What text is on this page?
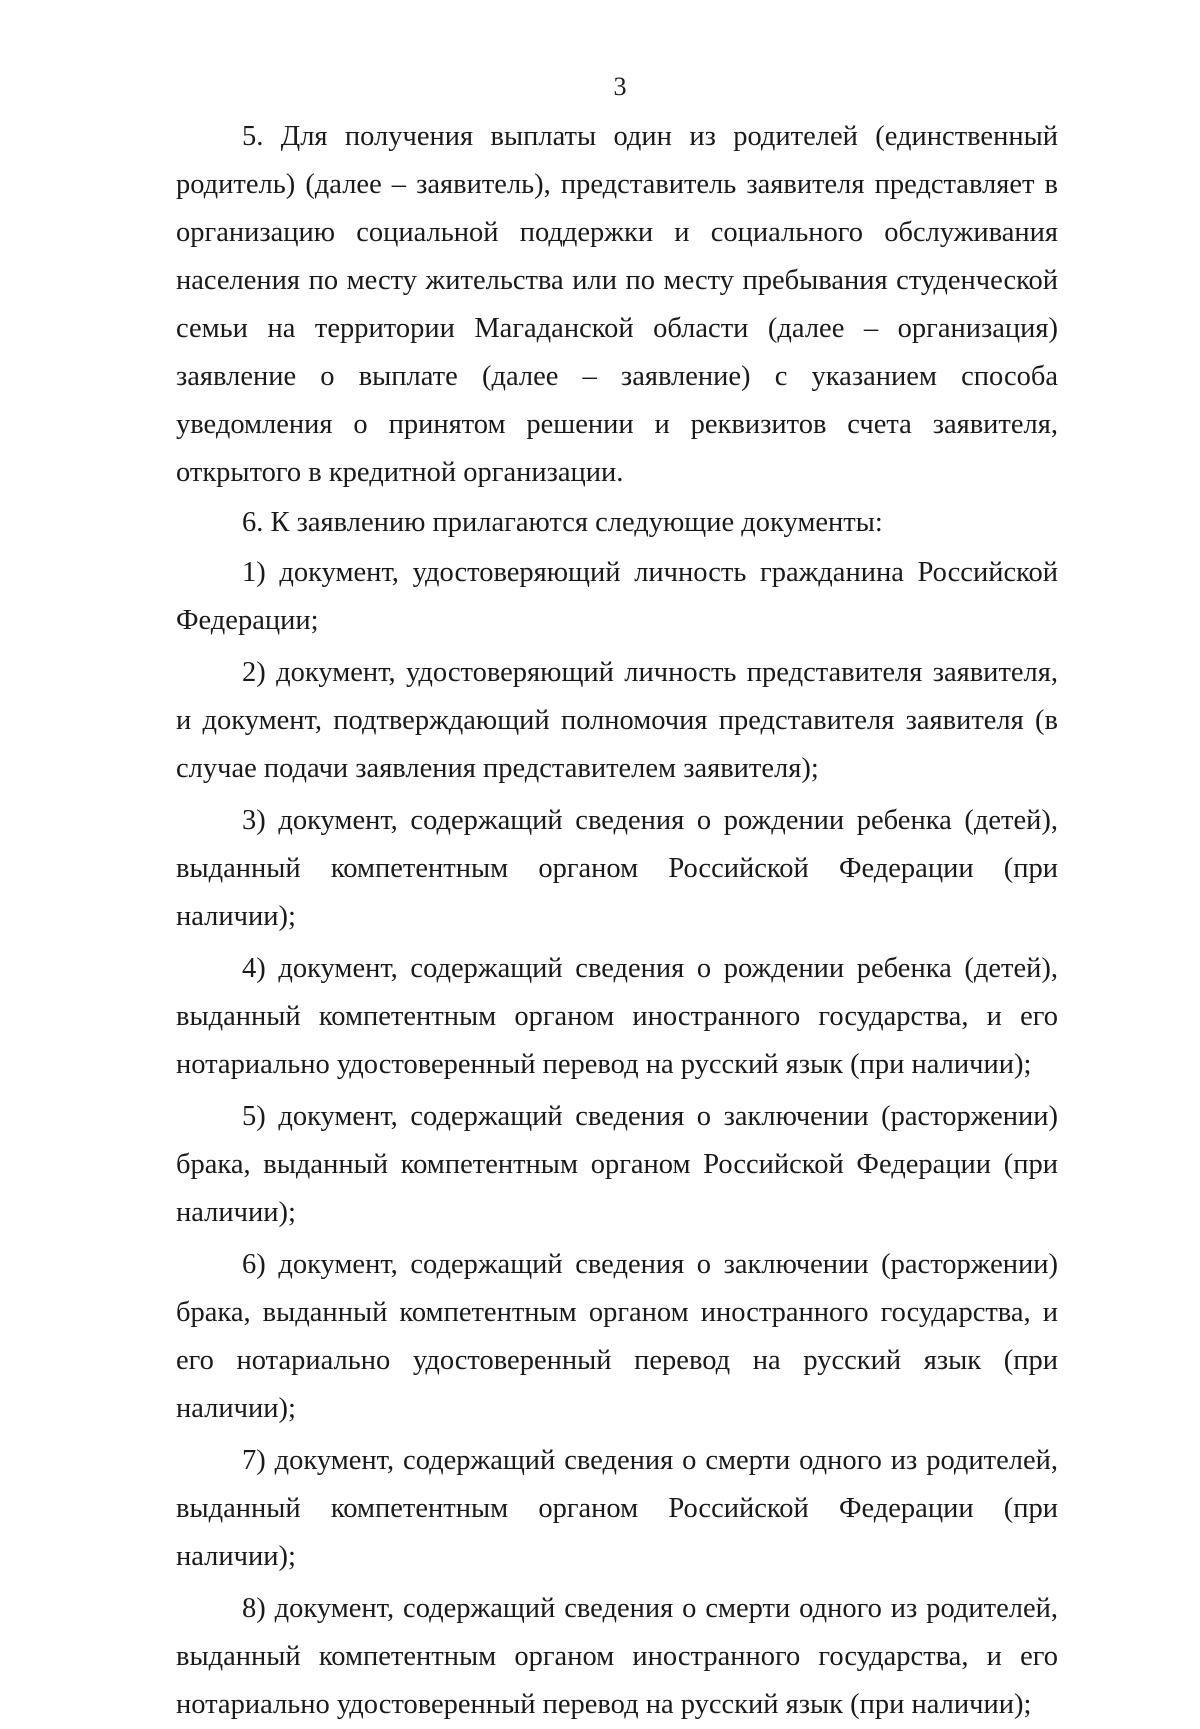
3

5. Для получения выплаты один из родителей (единственный родитель) (далее – заявитель), представитель заявителя представляет в организацию социальной поддержки и социального обслуживания населения по месту жительства или по месту пребывания студенческой семьи на территории Магаданской области (далее – организация) заявление о выплате (далее – заявление) с указанием способа уведомления о принятом решении и реквизитов счета заявителя, открытого в кредитной организации.

6. К заявлению прилагаются следующие документы:

1) документ, удостоверяющий личность гражданина Российской Федерации;

2) документ, удостоверяющий личность представителя заявителя, и документ, подтверждающий полномочия представителя заявителя (в случае подачи заявления представителем заявителя);

3) документ, содержащий сведения о рождении ребенка (детей), выданный компетентным органом Российской Федерации (при наличии);

4) документ, содержащий сведения о рождении ребенка (детей), выданный компетентным органом иностранного государства, и его нотариально удостоверенный перевод на русский язык (при наличии);

5) документ, содержащий сведения о заключении (расторжении) брака, выданный компетентным органом Российской Федерации (при наличии);

6) документ, содержащий сведения о заключении (расторжении) брака, выданный компетентным органом иностранного государства, и его нотариально удостоверенный перевод на русский язык (при наличии);

7) документ, содержащий сведения о смерти одного из родителей, выданный компетентным органом Российской Федерации (при наличии);

8) документ, содержащий сведения о смерти одного из родителей, выданный компетентным органом иностранного государства, и его нотариально удостоверенный перевод на русский язык (при наличии);
